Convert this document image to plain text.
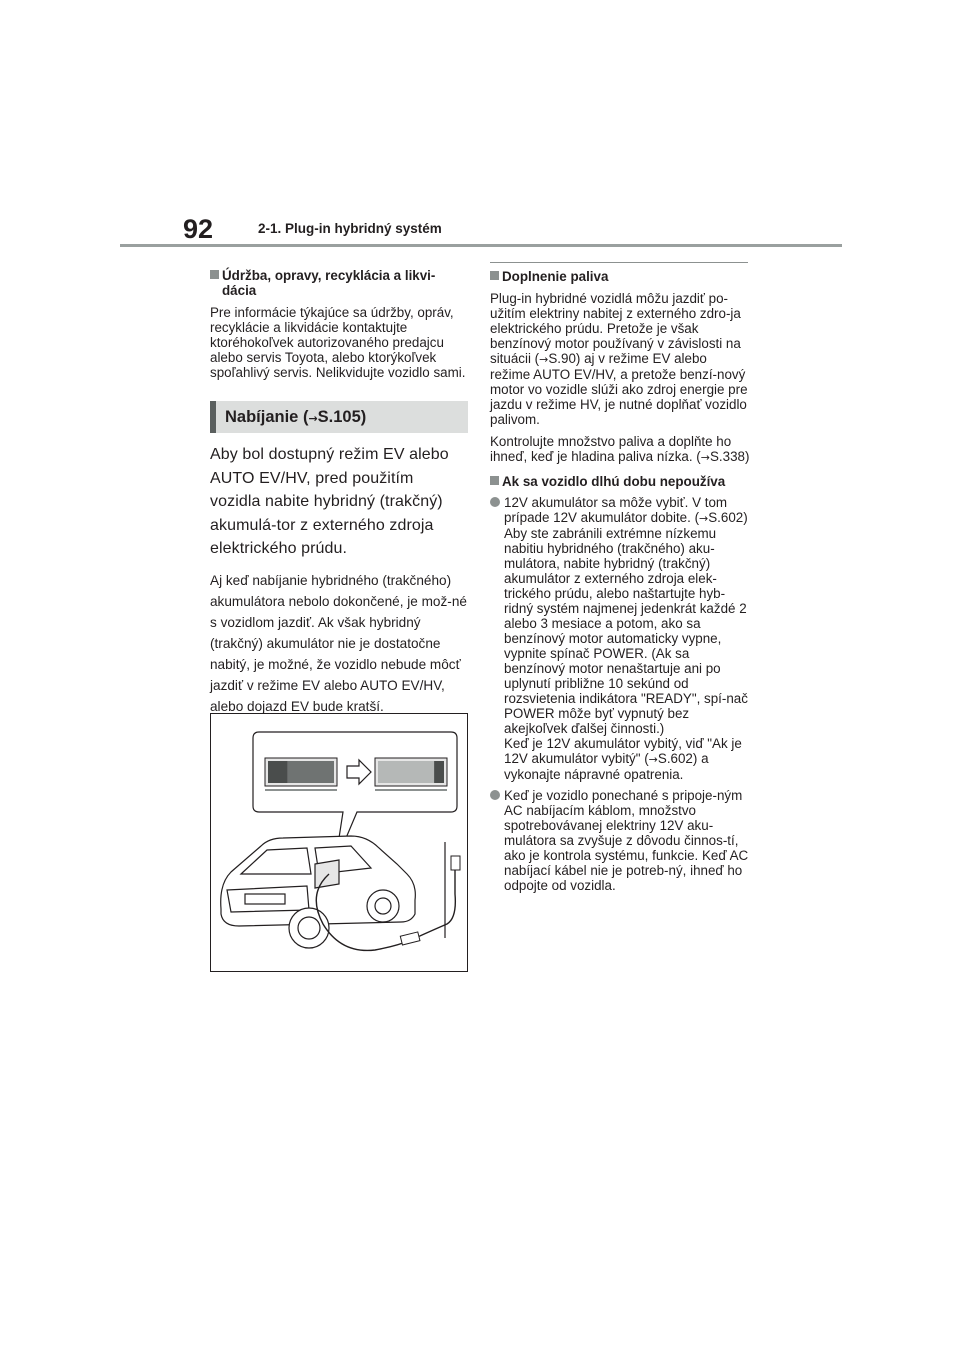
92	2-1. Plug-in hybridný systém
Údržba, opravy, recyklácia a likvi-dácia
Pre informácie týkajúce sa údržby, opráv, recyklácie a likvidácie kontaktujte ktoréhokoľvek autorizovaného predajcu alebo servis Toyota, alebo ktorýkoľvek spoľahlivý servis. Nelikvidujte vozidlo sami.
Nabíjanie (→S.105)
Aby bol dostupný režim EV alebo AUTO EV/HV, pred použitím vozidla nabite hybridný (trakčný) akumulá-tor z externého zdroja elektrického prúdu.
Aj keď nabíjanie hybridného (trakčného) akumulátora nebolo dokončené, je mož-né s vozidlom jazdiť. Ak však hybridný (trakčný) akumulátor nie je dostatočne nabitý, je možné, že vozidlo nebude môcť jazdiť v režime EV alebo AUTO EV/HV, alebo dojazd EV bude kratší.
Doplnenie paliva
Plug-in hybridné vozidlá môžu jazdiť po-užitím elektriny nabitej z externého zdro-ja elektrického prúdu. Pretože je však benzínový motor používaný v závislosti na situácii (→S.90) aj v režime EV alebo režime AUTO EV/HV, a pretože benzí-nový motor vo vozidle slúži ako zdroj energie pre jazdu v režime HV, je nutné doplňať vozidlo palivom.
Kontrolujte množstvo paliva a doplňte ho ihneď, keď je hladina paliva nízka. (→S.338)
Ak sa vozidlo dlhú dobu nepoužíva
12V akumulátor sa môže vybiť. V tom prípade 12V akumulátor dobite. (→S.602)
Aby ste zabránili extrémne nízkemu nabitiu hybridného (trakčného) aku-mulátora, nabite hybridný (trakčný) akumulátor z externého zdroja elek-trického prúdu, alebo naštartujte hyb-ridný systém najmenej jedenkrát každé 2 alebo 3 mesiace a potom, ako sa benzínový motor automaticky vypne, vypnite spínač POWER. (Ak sa benzínový motor nenaštartuje ani po uplynutí približne 10 sekúnd od rozsvietenia indikátora "READY", spí-nač POWER môže byť vypnutý bez akejkoľvek ďalšej činnosti.)
Keď je 12V akumulátor vybitý, viď "Ak je 12V akumulátor vybitý" (→S.602) a vykonajte nápravné opatrenia.
Keď je vozidlo ponechané s pripoje-ným AC nabíjacím káblom, množstvo spotrebovávanej elektriny 12V aku-mulátora sa zvyšuje z dôvodu činnos-tí, ako je kontrola systému, funkcie. Keď AC nabíjací kábel nie je potreb-ný, ihneď ho odpojte od vozidla.
